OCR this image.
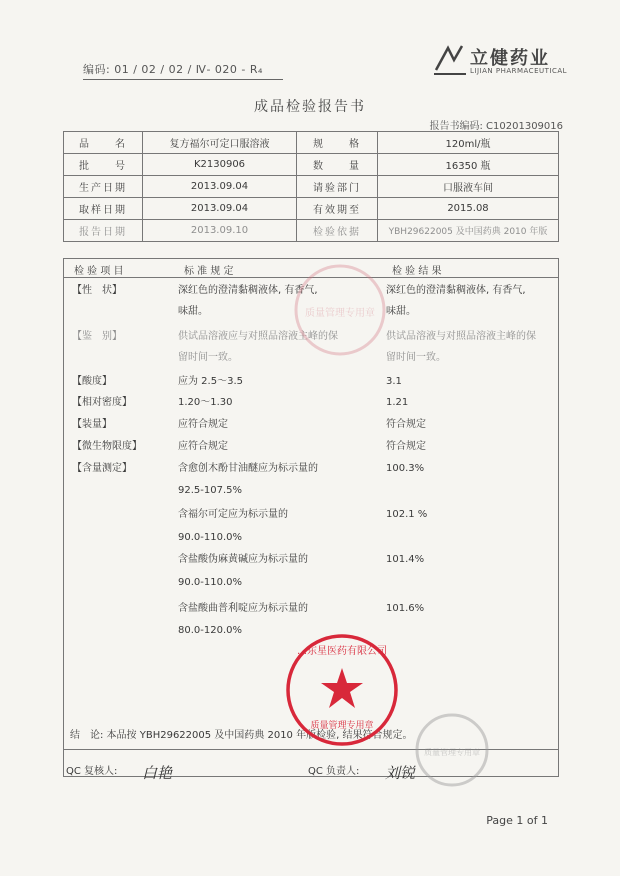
编码: 01 / 02 / 02 / Ⅳ- 020 - R₄
立健药业
LIJIAN PHARMACEUTICAL
成品检验报告书
报告书编码: C10201309016
品　　名	复方福尔可定口服溶液	规　　格	120ml/瓶
批　　号	K2130906	数　　量	16350 瓶
生产日期	2013.09.04	请验部门	口服液车间
取样日期	2013.09.04	有效期至	2015.08
报告日期	2013.09.10	检验依据	YBH29622005 及中国药典 2010 年版
检 验 项 目	标 准 规 定	检 验 结 果
【性　状】	深红色的澄清黏稠液体, 有香气,	深红色的澄清黏稠液体, 有香气,
味甜。	味甜。
【鉴　别】	供试品溶液应与对照品溶液主峰的保	供试品溶液与对照品溶液主峰的保
留时间一致。	留时间一致。
【酸度】	应为 2.5～3.5	3.1
【相对密度】	1.20～1.30	1.21
【装量】	应符合规定	符合规定
【微生物限度】	应符合规定	符合规定
【含量测定】	含愈创木酚甘油醚应为标示量的	100.3%
92.5-107.5%
含福尔可定应为标示量的	102.1 %
90.0-110.0%
含盐酸伪麻黄碱应为标示量的	101.4%
90.0-110.0%
含盐酸曲普利啶应为标示量的	101.6%
80.0-120.0%
结　论: 本品按 YBH29622005 及中国药典 2010 年版检验, 结果符合规定。
QC 复核人: 白艳	QC 负责人: 刘锐
Page 1 of 1
质量管理专用章
…东星医药有限公司
质量管理专用章
质量管理专用章
